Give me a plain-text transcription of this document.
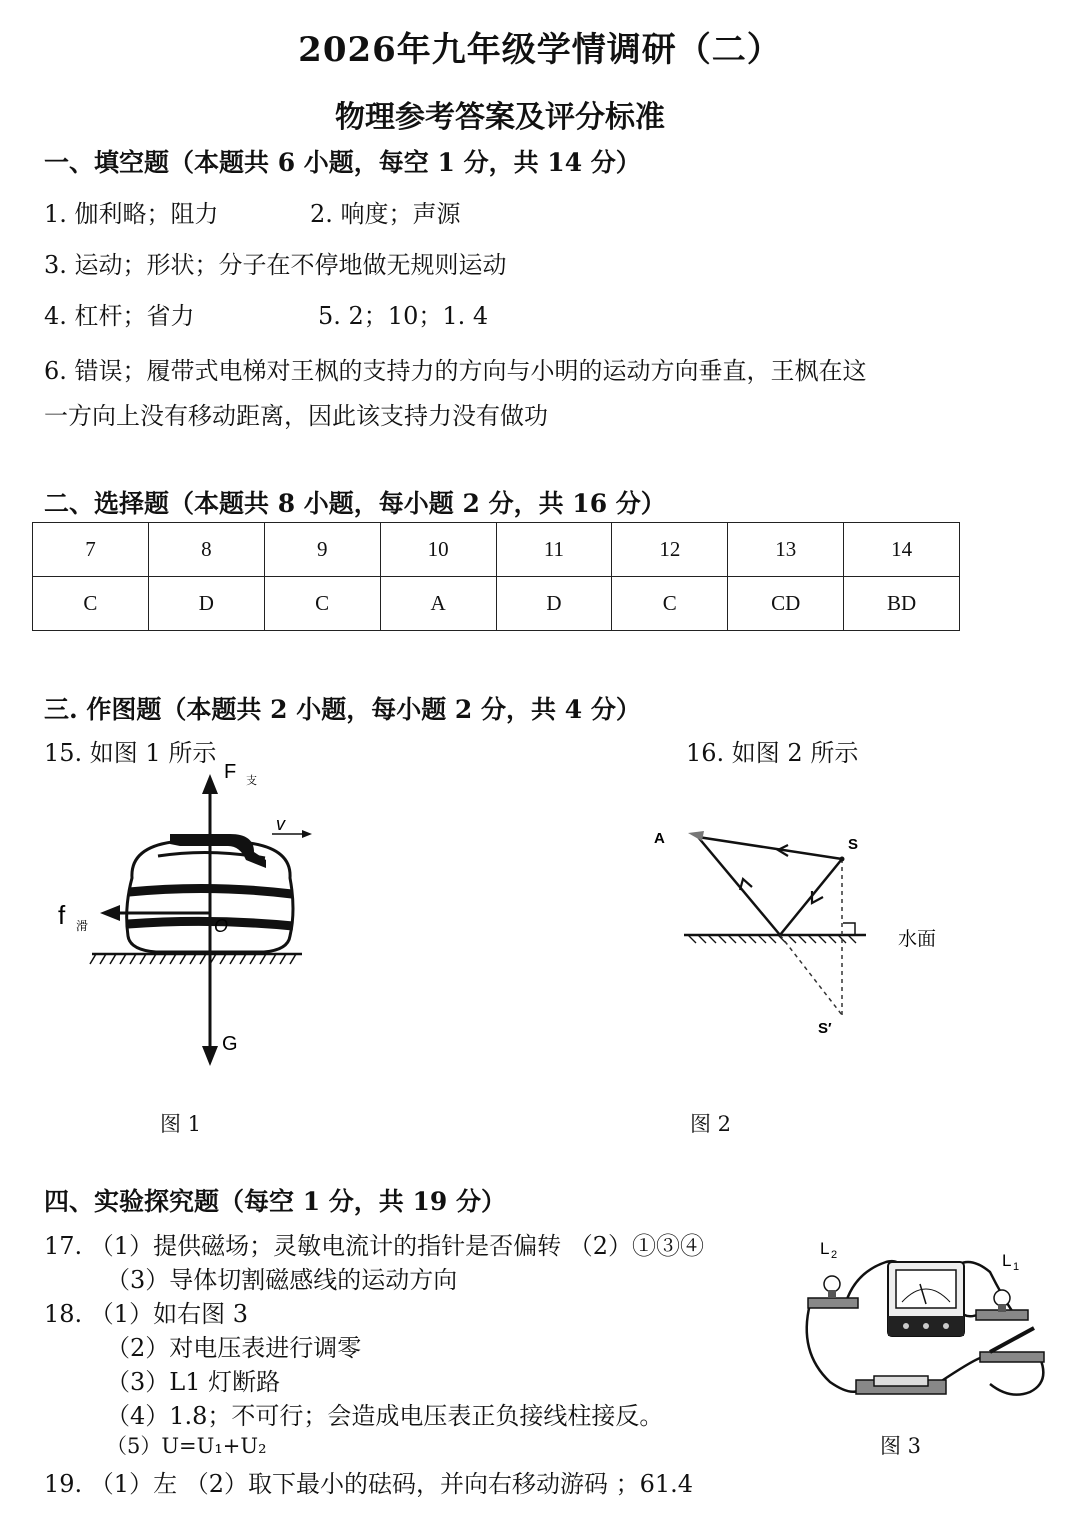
2026年九年级学情调研（二）
物理参考答案及评分标准
一、填空题（本题共 6 小题，每空 1 分，共 14 分）
1. 伽利略；阻力	2. 响度；声源
3. 运动；形状；分子在不停地做无规则运动
4. 杠杆；省力	5. 2；10；1. 4
6. 错误；履带式电梯对王枫的支持力的方向与小明的运动方向垂直，王枫在这
一方向上没有移动距离，因此该支持力没有做功
二、选择题（本题共 8 小题，每小题 2 分，共 16 分）
7	8	9	10	11	12	13	14
C	D	C	A	D	C	CD	BD
三. 作图题（本题共 2 小题，每小题 2 分，共 4 分）
15. 如图 1 所示	16. 如图 2 所示
F 支
v
f 滑	O
G
图 1
A	S
S′
水面
图 2
四、实验探究题（每空 1 分，共 19 分）
17. （1）提供磁场；灵敏电流计的指针是否偏转 （2）①③④
（3）导体切割磁感线的运动方向
18. （1）如右图 3
（2）对电压表进行调零
（3）L1 灯断路
（4）1.8；不可行；会造成电压表正负接线柱接反。
（5）U=U₁+U₂
19. （1）左 （2）取下最小的砝码，并向右移动游码 ；61.4
L 2	L 1
图 3
